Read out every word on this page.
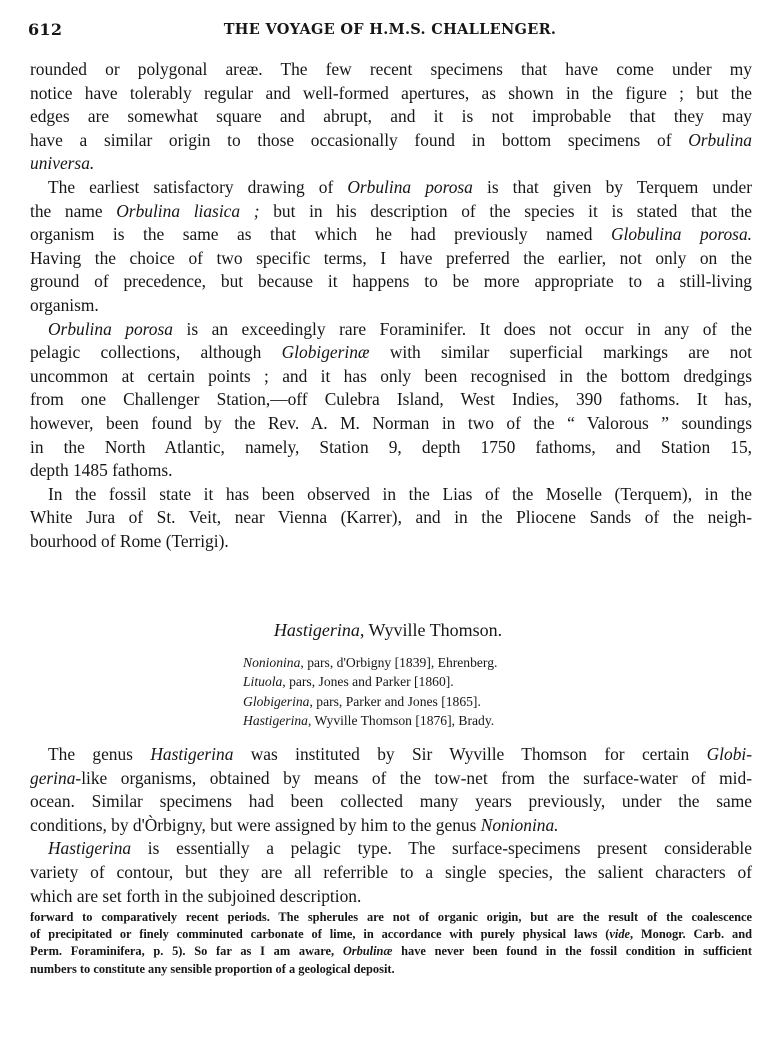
612	THE VOYAGE OF H.M.S. CHALLENGER.
rounded or polygonal areæ. The few recent specimens that have come under my
notice have tolerably regular and well-formed apertures, as shown in the figure ; but the
edges are somewhat square and abrupt, and it is not improbable that they may
have a similar origin to those occasionally found in bottom specimens of Orbulina
universa.
The earliest satisfactory drawing of Orbulina porosa is that given by Terquem under
the name Orbulina liasica ; but in his description of the species it is stated that the
organism is the same as that which he had previously named Globulina porosa.
Having the choice of two specific terms, I have preferred the earlier, not only on the
ground of precedence, but because it happens to be more appropriate to a still-living
organism.
Orbulina porosa is an exceedingly rare Foraminifer. It does not occur in any of the
pelagic collections, although Globigerinæ with similar superficial markings are not
uncommon at certain points ; and it has only been recognised in the bottom dredgings
from one Challenger Station,—off Culebra Island, West Indies, 390 fathoms. It has,
however, been found by the Rev. A. M. Norman in two of the “ Valorous ” soundings
in the North Atlantic, namely, Station 9, depth 1750 fathoms, and Station 15,
depth 1485 fathoms.
In the fossil state it has been observed in the Lias of the Moselle (Terquem), in the
White Jura of St. Veit, near Vienna (Karrer), and in the Pliocene Sands of the neigh-
bourhood of Rome (Terrigi).
Hastigerina, Wyville Thomson.
Nonionina, pars, d'Orbigny [1839], Ehrenberg.
Lituola, pars, Jones and Parker [1860].
Globigerina, pars, Parker and Jones [1865].
Hastigerina, Wyville Thomson [1876], Brady.
The genus Hastigerina was instituted by Sir Wyville Thomson for certain Globi-
gerina-like organisms, obtained by means of the tow-net from the surface-water of mid-
ocean. Similar specimens had been collected many years previously, under the same
conditions, by d'Òrbigny, but were assigned by him to the genus Nonionina.
Hastigerina is essentially a pelagic type. The surface-specimens present considerable
variety of contour, but they are all referrible to a single species, the salient characters of
which are set forth in the subjoined description.
forward to comparatively recent periods. The spherules are not of organic origin, but are the result of the coalescence
of precipitated or finely comminuted carbonate of lime, in accordance with purely physical laws (vide, Monogr. Carb. and
Perm. Foraminifera, p. 5). So far as I am aware, Orbulinæ have never been found in the fossil condition in sufficient
numbers to constitute any sensible proportion of a geological deposit.
